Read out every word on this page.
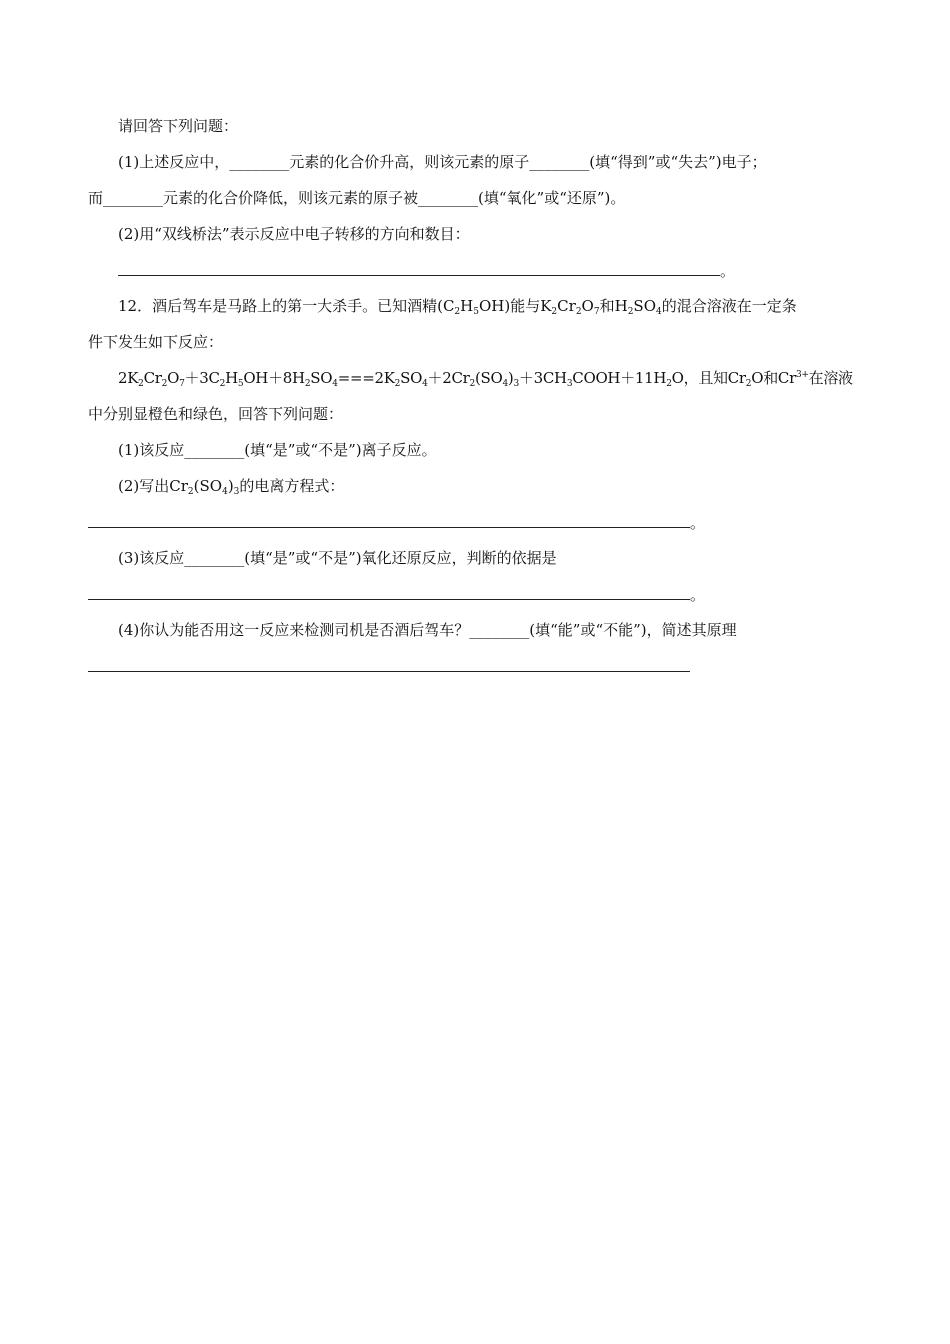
请回答下列问题：
(1)上述反应中，________元素的化合价升高，则该元素的原子________(填“得到”或“失去”)电子；
而________元素的化合价降低，则该元素的原子被________(填“氧化”或“还原”)。
(2)用“双线桥法”表示反应中电子转移的方向和数目：
。
12．酒后驾车是马路上的第一大杀手。已知酒精$(C_2H_5OH)$能与$K_2Cr_2O_7$和$H_2SO_4$的混合溶液在一定条
件下发生如下反应：
$2K_2Cr_2O_7+3C_2H_5OH+8H_2SO_4===2K_2SO_4+2Cr_2(SO_4)_3+3CH_3COOH+11H_2O$，且知$Cr_2O$和$Cr^{3+}$在溶液
中分别显橙色和绿色，回答下列问题：
(1)该反应________(填“是”或“不是”)离子反应。
(2)写出$Cr_2(SO_4)_3$的电离方程式：
。
(3)该反应________(填“是”或“不是”)氧化还原反应，判断的依据是
。
(4)你认为能否用这一反应来检测司机是否酒后驾车？________(填“能”或“不能”)，简述其原理
